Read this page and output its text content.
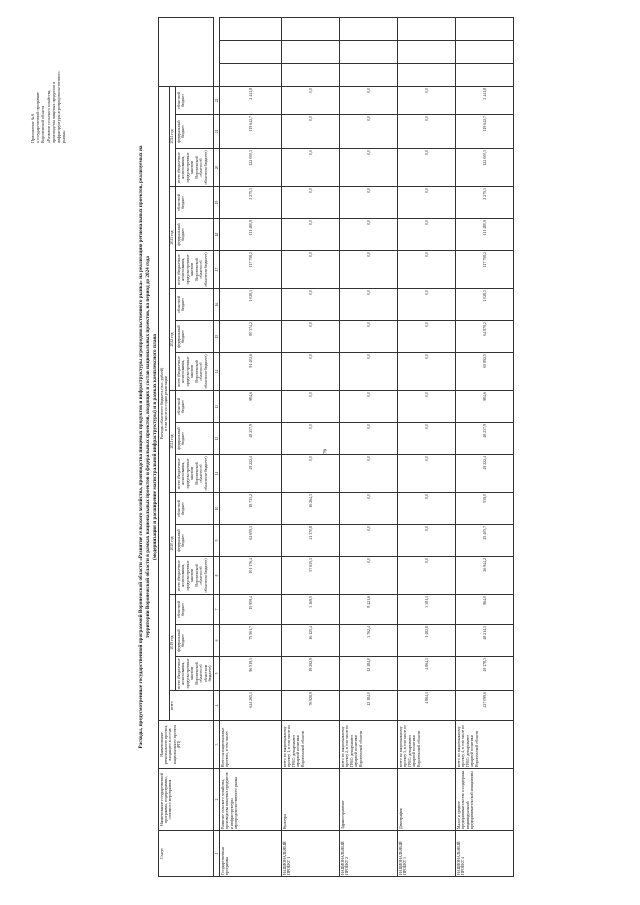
76
Приложение № 6 к государственной программе Воронежской области «Развитие сельского хозяйства, производства пищевых продуктов и инфраструктуры агропродовольственного рынка»
Расходы, предусмотренные государственной программой Воронежской области «Развитие сельского хозяйства, производства пищевых продуктов и инфраструктуры агропродовольственного рынка» на реализацию региональных проектов, реализуемых на территории Воронежской области в рамках национальных проектов и федеральных проектов, входящих в состав национальных проектов, на период до 2024 года (модернизация и расширение магистральной инфраструктуры) и в рамках комплексного плана
Статус	Наименование государственной программы, подпрограммы, основного мероприятия	Наименование регионального проекта, входящего в состав национального проекта (РП)	Расходы областного бюджета (тыс. рублей)
в том числе по годам реализации																					
			всего	2019 год			2020 год			2021 год			2022 год			2023 год			2024 год					
				всего (бюджетные ассигнования, предусмотренные законом Воронежской области об областном бюджете)	федеральный бюджет	областной бюджет	всего (бюджетные ассигнования, предусмотренные законом Воронежской области об областном бюджете)	федеральный бюджет	областной бюджет	всего (бюджетные ассигнования, предусмотренные законом Воронежской области об областном бюджете)	федеральный бюджет	областной бюджет	всего (бюджетные ассигнования, предусмотренные законом Воронежской области об областном бюджете)	федеральный бюджет	областной бюджет	всего (бюджетные ассигнования, предусмотренные законом Воронежской области об областном бюджете)	федеральный бюджет	областной бюджет	всего (бюджетные ассигнования, предусмотренные законом Воронежской области об областном бюджете)	федеральный бюджет	областной бюджет			
1	2	3	4	5	6	7	8	9	10	11	12	13	14	15	16	17	18	19	20	21	22			
Государственная программа	Развитие сельского хозяйства, производства пищевых продуктов и инфраструктуры агропродовольственного рынка	Всего на национальные проекты, в том числе:	644 265,1	96 519,3	75 561,7	15 959,4	101 176,4	62 659,1	18 713,2	49 222,4	48 237,9	984,6	91 402,6	80 374,2	1 028,3	117 758,2	111 480,9	2 275,3	122 000,3	119 642,7	2 441,8			
НАЦИОНАЛЬНЫЙ ПРОЕКТ 1	Культура	всего по национальному проекту 1, в том числе по ГРБС: департамент аграрной политики Воронежской области	76 928,9	19 292,9	16 125,4	3 169,5	57 635,1	41 370,8	16 264,3	0,0	0,0	0,0	0,0	0,0	0,0	0,0	0,0	0,0	0,0	0,0	0,0			
НАЦИОНАЛЬНЫЙ ПРОЕКТ 2	Здравоохранение	всего по национальному проекту 2, в том числе по ГРБС: департамент аграрной политики Воронежской области	12 184,0	12 184,0	3 762,4	8 421,6	0,0	0,0	0,0	0,0	0,0	0,0	0,0	0,0	0,0	0,0	0,0	0,0	0,0	0,0	0,0			
НАЦИОНАЛЬНЫЙ ПРОЕКТ 3	Демография	всего по национальному проекту 3, в том числе по ГРБС: департамент аграрной политики Воронежской области	4 864,1	4 864,1	1 482,8	3 381,3	0,0	0,0	0,0	0,0	0,0	0,0	0,0	0,0	0,0	0,0	0,0	0,0	0,0	0,0	0,0			
НАЦИОНАЛЬНЫЙ ПРОЕКТ 4	Малое и среднее предпринимательство и поддержка индивидуальной предпринимательской инициативы	всего по национальному проекту 4, в том числе по ГРБС: департамент аграрной политики Воронежской области	427 099,6	49 178,3	48 214,3	964,0	26 944,2	25 405,7	539,0	49 222,4	48 237,9	984,6	65 892,5	64 879,2	1 028,3	117 758,2	111 480,9	2 275,3	122 000,3	119 642,7	2 441,8			
